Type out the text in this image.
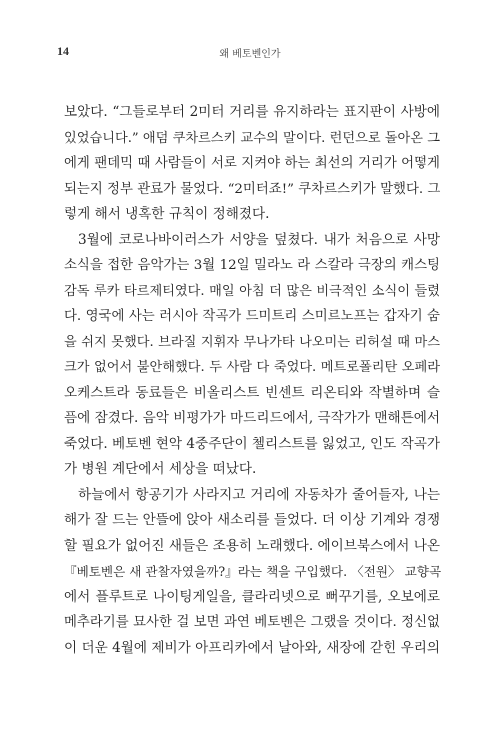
14	왜 베토벤인가
보았다. “그들로부터 2미터 거리를 유지하라는 표지판이 사방에
있었습니다.” 애덤 쿠차르스키 교수의 말이다. 런던으로 돌아온 그
에게 팬데믹 때 사람들이 서로 지켜야 하는 최선의 거리가 어떻게
되는지 정부 관료가 물었다. “2미터죠!” 쿠차르스키가 말했다. 그
렇게 해서 냉혹한 규칙이 정해졌다.
3월에 코로나바이러스가 서양을 덮쳤다. 내가 처음으로 사망
소식을 접한 음악가는 3월 12일 밀라노 라 스칼라 극장의 캐스팅
감독 루카 타르제티였다. 매일 아침 더 많은 비극적인 소식이 들렸
다. 영국에 사는 러시아 작곡가 드미트리 스미르노프는 갑자기 숨
을 쉬지 못했다. 브라질 지휘자 무나가타 나오미는 리허설 때 마스
크가 없어서 불안해했다. 두 사람 다 죽었다. 메트로폴리탄 오페라
오케스트라 동료들은 비올리스트 빈센트 리온티와 작별하며 슬
픔에 잠겼다. 음악 비평가가 마드리드에서, 극작가가 맨해튼에서
죽었다. 베토벤 현악 4중주단이 첼리스트를 잃었고, 인도 작곡가
가 병원 계단에서 세상을 떠났다.
하늘에서 항공기가 사라지고 거리에 자동차가 줄어들자, 나는
해가 잘 드는 안뜰에 앉아 새소리를 들었다. 더 이상 기계와 경쟁
할 필요가 없어진 새들은 조용히 노래했다. 에이브북스에서 나온
『베토벤은 새 관찰자였을까?』라는 책을 구입했다. 〈전원〉 교향곡
에서 플루트로 나이팅게일을, 클라리넷으로 뻐꾸기를, 오보에로
메추라기를 묘사한 걸 보면 과연 베토벤은 그랬을 것이다. 정신없
이 더운 4월에 제비가 아프리카에서 날아와, 새장에 갇힌 우리의
